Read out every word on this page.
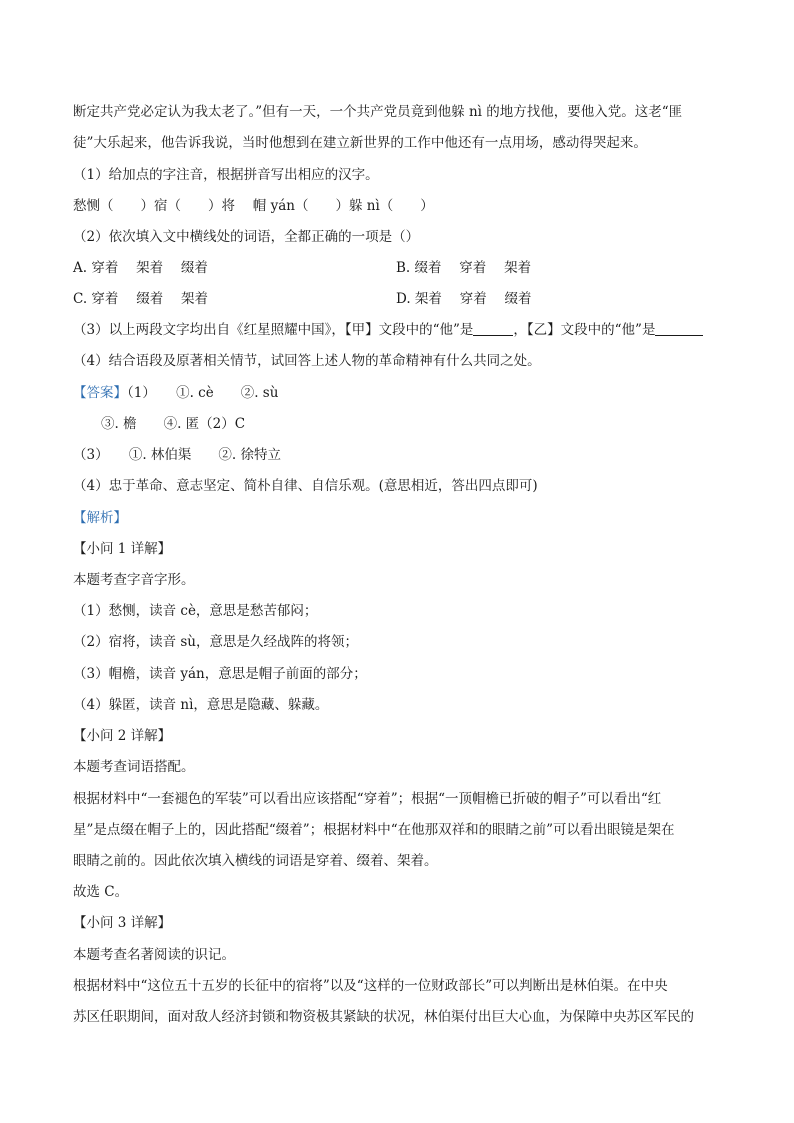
断定共产党必定认为我太老了。”但有一天，一个共产党员竟到他躲 nì 的地方找他，要他入党。这老“匪
徒”大乐起来，他告诉我说，当时他想到在建立新世界的工作中他还有一点用场，感动得哭起来。
（1）给加点的字注音，根据拼音写出相应的汉字。
愁恻（　　）宿（　　）将　 帽 yán（　　）躲 nì（　　）
（2）依次填入文中横线处的词语，全都正确的一项是（）
A. 穿着　 架着　 缀着	B. 缀着　 穿着　 架着
C. 穿着　 缀着　 架着	D. 架着　 穿着　 缀着
（3）以上两段文字均出自《红星照耀中国》，【甲】文段中的“他”是	，【乙】文段中的“他”是
（4）结合语段及原著相关情节，试回答上述人物的革命精神有什么共同之处。
【答案】（1）　　①. cè　　②. sù
③. 檐　　④. 匿（2）C
（3）　　①. 林伯渠　　②. 徐特立
（4）忠于革命、意志坚定、简朴自律、自信乐观。(意思相近，答出四点即可)
【解析】
【小问 1 详解】
本题考查字音字形。
（1）愁恻，读音 cè，意思是愁苦郁闷；
（2）宿将，读音 sù，意思是久经战阵的将领；
（3）帽檐，读音 yán，意思是帽子前面的部分；
（4）躲匿，读音 nì，意思是隐藏、躲藏。
【小问 2 详解】
本题考查词语搭配。
根据材料中“一套褪色的军装”可以看出应该搭配“穿着”；根据“一顶帽檐已折破的帽子”可以看出“红
星”是点缀在帽子上的，因此搭配“缀着”；根据材料中“在他那双祥和的眼睛之前”可以看出眼镜是架在
眼睛之前的。因此依次填入横线的词语是穿着、缀着、架着。
故选 C。
【小问 3 详解】
本题考查名著阅读的识记。
根据材料中“这位五十五岁的长征中的宿将”以及“这样的一位财政部长”可以判断出是林伯渠。在中央
苏区任职期间，面对敌人经济封锁和物资极其紧缺的状况，林伯渠付出巨大心血，为保障中央苏区军民的
